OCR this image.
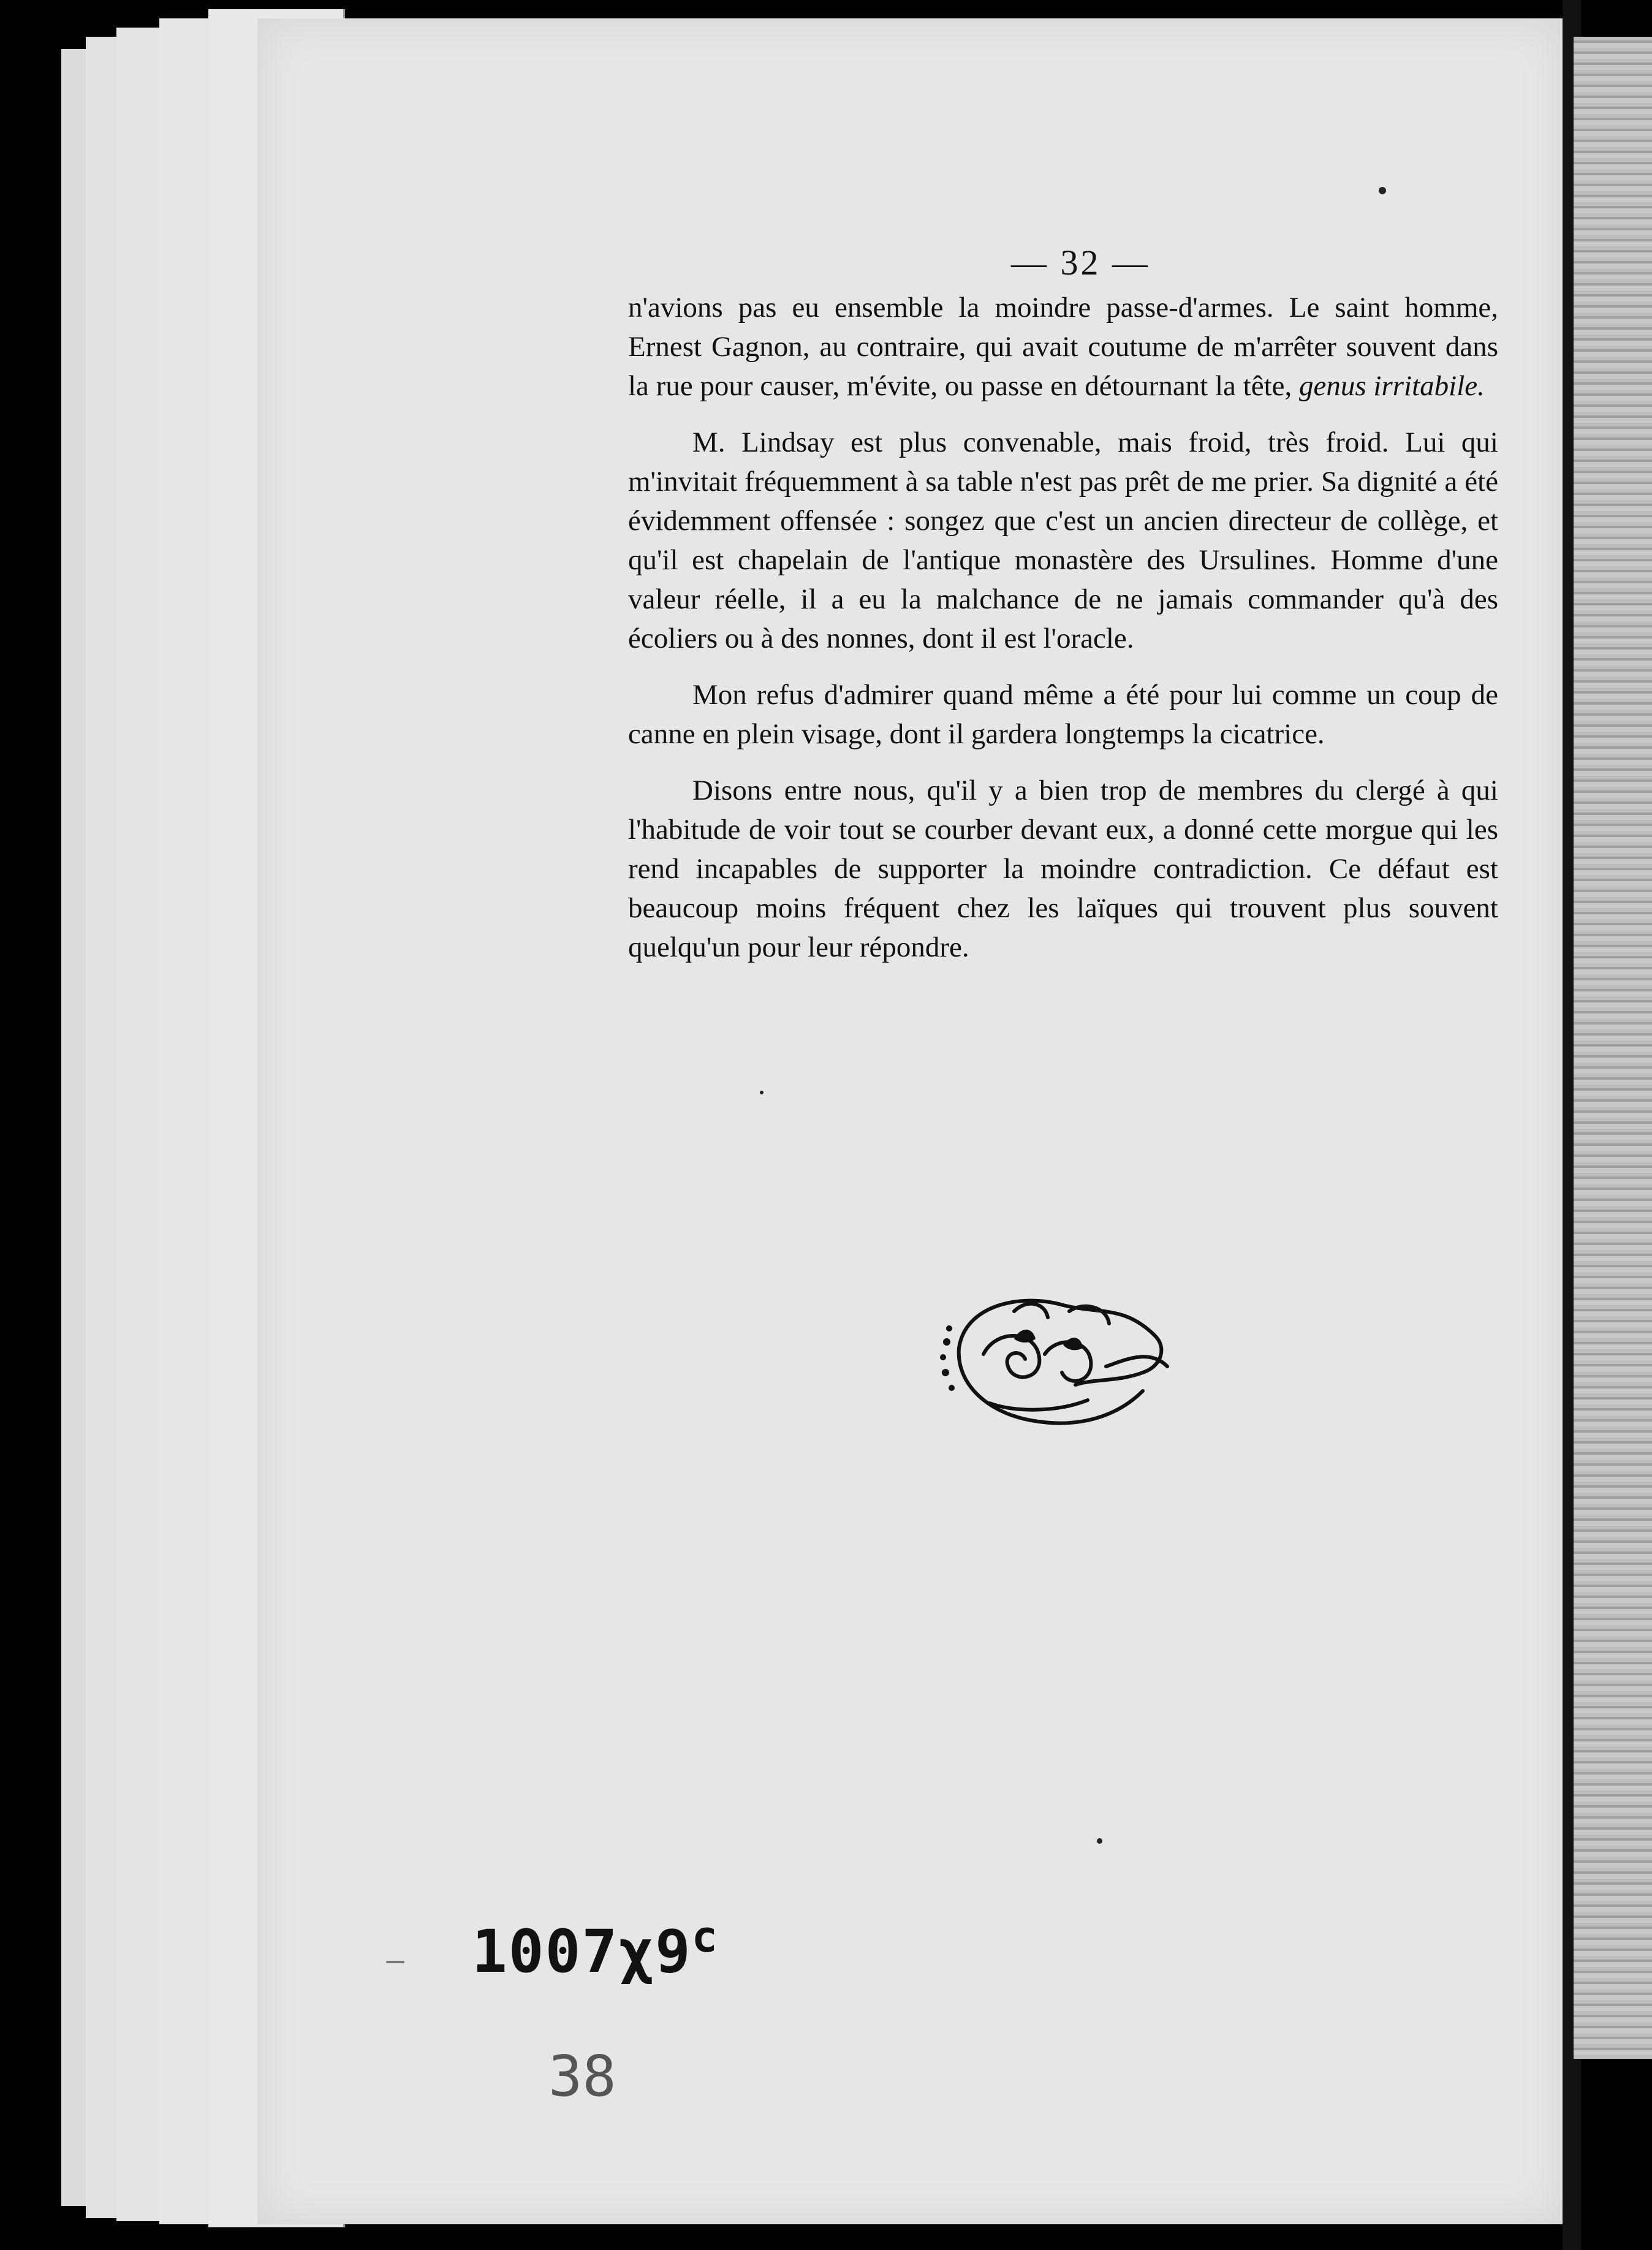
— 32 —

n'avions pas eu ensemble la moindre passe-d'armes. Le saint homme, Ernest Gagnon, au contraire, qui avait coutume de m'arrêter souvent dans la rue pour causer, m'évite, ou passe en détournant la tête, genus irritabile.

M. Lindsay est plus convenable, mais froid, très froid. Lui qui m'invitait fréquemment à sa table n'est pas prêt de me prier. Sa dignité a été évidemment offensée : songez que c'est un ancien directeur de collège, et qu'il est chapelain de l'antique monastère des Ursulines. Homme d'une valeur réelle, il a eu la malchance de ne jamais commander qu'à des écoliers ou à des nonnes, dont il est l'oracle.

Mon refus d'admirer quand même a été pour lui comme un coup de canne en plein visage, dont il gardera longtemps la cicatrice.

Disons entre nous, qu'il y a bien trop de membres du clergé à qui l'habitude de voir tout se courber devant eux, a donné cette morgue qui les rend incapables de supporter la moindre contradiction. Ce défaut est beaucoup moins fréquent chez les laïques qui trouvent plus souvent quelqu'un pour leur répondre.

1007χ9$^c$
38
